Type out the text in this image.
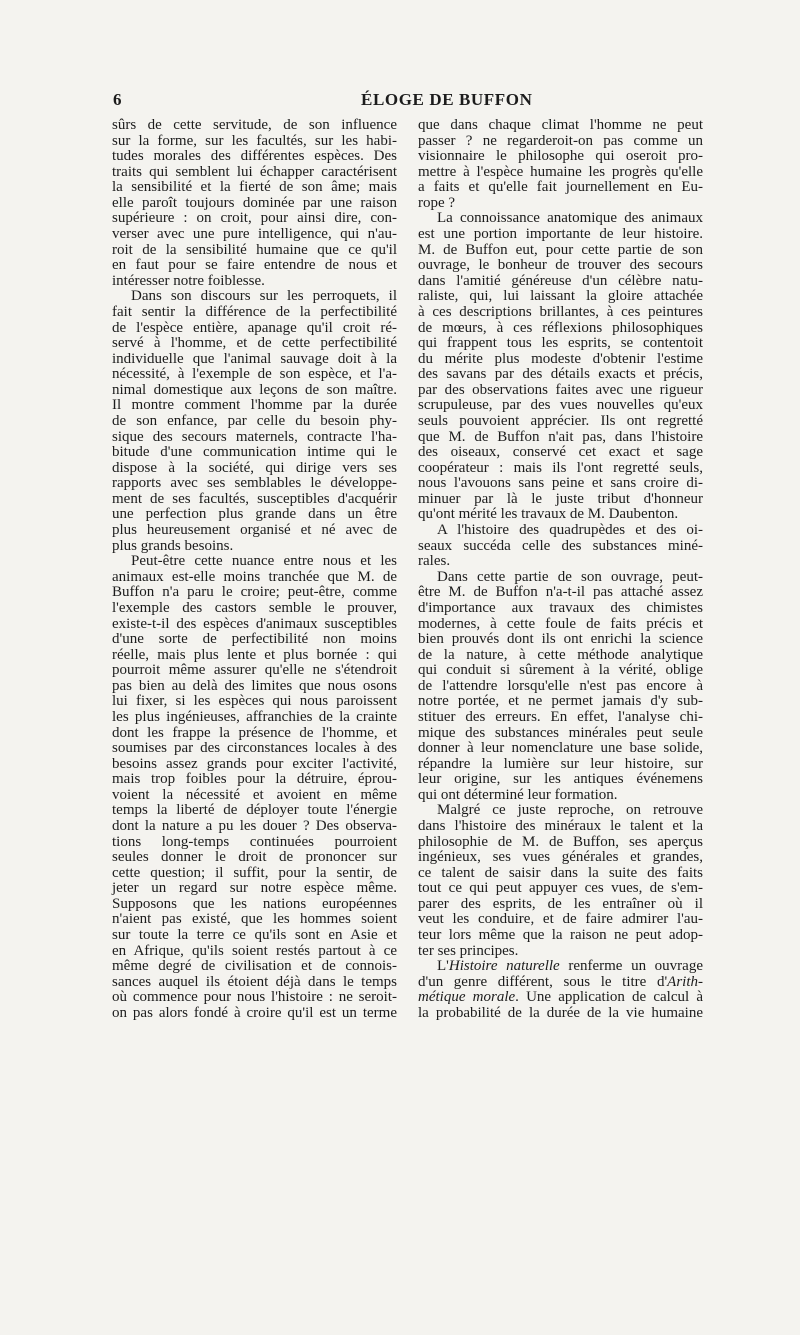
6	ÉLOGE DE BUFFON
sûrs de cette servitude, de son influence
sur la forme, sur les facultés, sur les habi-
tudes morales des différentes espèces. Des
traits qui semblent lui échapper caractérisent
la sensibilité et la fierté de son âme; mais
elle paroît toujours dominée par une raison
supérieure : on croit, pour ainsi dire, con-
verser avec une pure intelligence, qui n'au-
roit de la sensibilité humaine que ce qu'il
en faut pour se faire entendre de nous et
intéresser notre foiblesse.
Dans son discours sur les perroquets, il
fait sentir la différence de la perfectibilité
de l'espèce entière, apanage qu'il croit ré-
servé à l'homme, et de cette perfectibilité
individuelle que l'animal sauvage doit à la
nécessité, à l'exemple de son espèce, et l'a-
nimal domestique aux leçons de son maître.
Il montre comment l'homme par la durée
de son enfance, par celle du besoin phy-
sique des secours maternels, contracte l'ha-
bitude d'une communication intime qui le
dispose à la société, qui dirige vers ses
rapports avec ses semblables le développe-
ment de ses facultés, susceptibles d'acquérir
une perfection plus grande dans un être
plus heureusement organisé et né avec de
plus grands besoins.
Peut-être cette nuance entre nous et les
animaux est-elle moins tranchée que M. de
Buffon n'a paru le croire; peut-être, comme
l'exemple des castors semble le prouver,
existe-t-il des espèces d'animaux susceptibles
d'une sorte de perfectibilité non moins
réelle, mais plus lente et plus bornée : qui
pourroit même assurer qu'elle ne s'étendroit
pas bien au delà des limites que nous osons
lui fixer, si les espèces qui nous paroissent
les plus ingénieuses, affranchies de la crainte
dont les frappe la présence de l'homme, et
soumises par des circonstances locales à des
besoins assez grands pour exciter l'activité,
mais trop foibles pour la détruire, éprou-
voient la nécessité et avoient en même
temps la liberté de déployer toute l'énergie
dont la nature a pu les douer ? Des observa-
tions long-temps continuées pourroient
seules donner le droit de prononcer sur
cette question; il suffit, pour la sentir, de
jeter un regard sur notre espèce même.
Supposons que les nations européennes
n'aient pas existé, que les hommes soient
sur toute la terre ce qu'ils sont en Asie et
en Afrique, qu'ils soient restés partout à ce
même degré de civilisation et de connois-
sances auquel ils étoient déjà dans le temps
où commence pour nous l'histoire : ne seroit-
on pas alors fondé à croire qu'il est un terme
que dans chaque climat l'homme ne peut
passer ? ne regarderoit-on pas comme un
visionnaire le philosophe qui oseroit pro-
mettre à l'espèce humaine les progrès qu'elle
a faits et qu'elle fait journellement en Eu-
rope ?
La connoissance anatomique des animaux
est une portion importante de leur histoire.
M. de Buffon eut, pour cette partie de son
ouvrage, le bonheur de trouver des secours
dans l'amitié généreuse d'un célèbre natu-
raliste, qui, lui laissant la gloire attachée
à ces descriptions brillantes, à ces peintures
de mœurs, à ces réflexions philosophiques
qui frappent tous les esprits, se contentoit
du mérite plus modeste d'obtenir l'estime
des savans par des détails exacts et précis,
par des observations faites avec une rigueur
scrupuleuse, par des vues nouvelles qu'eux
seuls pouvoient apprécier. Ils ont regretté
que M. de Buffon n'ait pas, dans l'histoire
des oiseaux, conservé cet exact et sage
coopérateur : mais ils l'ont regretté seuls,
nous l'avouons sans peine et sans croire di-
minuer par là le juste tribut d'honneur
qu'ont mérité les travaux de M. Daubenton.
A l'histoire des quadrupèdes et des oi-
seaux succéda celle des substances miné-
rales.
Dans cette partie de son ouvrage, peut-
être M. de Buffon n'a-t-il pas attaché assez
d'importance aux travaux des chimistes
modernes, à cette foule de faits précis et
bien prouvés dont ils ont enrichi la science
de la nature, à cette méthode analytique
qui conduit si sûrement à la vérité, oblige
de l'attendre lorsqu'elle n'est pas encore à
notre portée, et ne permet jamais d'y sub-
stituer des erreurs. En effet, l'analyse chi-
mique des substances minérales peut seule
donner à leur nomenclature une base solide,
répandre la lumière sur leur histoire, sur
leur origine, sur les antiques événemens
qui ont déterminé leur formation.
Malgré ce juste reproche, on retrouve
dans l'histoire des minéraux le talent et la
philosophie de M. de Buffon, ses aperçus
ingénieux, ses vues générales et grandes,
ce talent de saisir dans la suite des faits
tout ce qui peut appuyer ces vues, de s'em-
parer des esprits, de les entraîner où il
veut les conduire, et de faire admirer l'au-
teur lors même que la raison ne peut adop-
ter ses principes.
L'Histoire naturelle renferme un ouvrage
d'un genre différent, sous le titre d'Arith-
métique morale. Une application de calcul à
la probabilité de la durée de la vie humaine
